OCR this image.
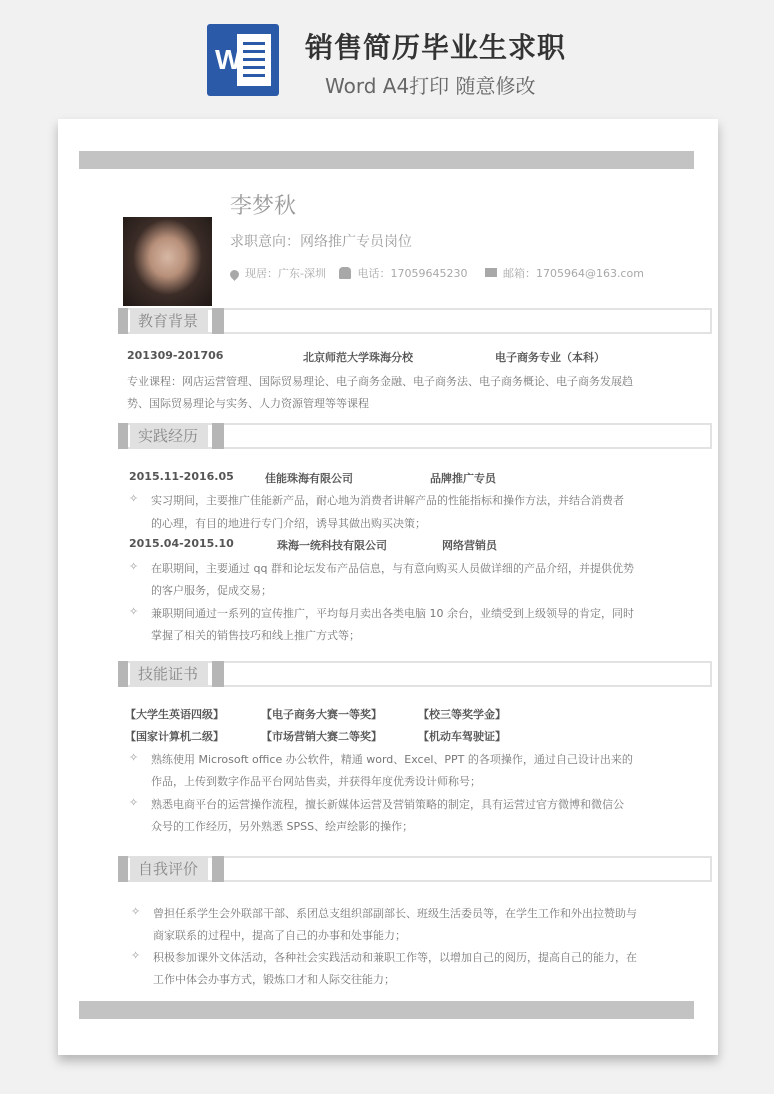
W 销售简历毕业生求职
Word A4打印 随意修改
李梦秋
求职意向：网络推广专员岗位
现居：广东-深圳	电话：17059645230	邮箱：1705964@163.com
教育背景
201309-201706	北京师范大学珠海分校	电子商务专业（本科）
专业课程：网店运营管理、国际贸易理论、电子商务金融、电子商务法、电子商务概论、电子商务发展趋
势、国际贸易理论与实务、人力资源管理等等课程
实践经历
2015.11-2016.05	佳能珠海有限公司	品牌推广专员
✧ 实习期间，主要推广佳能新产品，耐心地为消费者讲解产品的性能指标和操作方法，并结合消费者
的心理，有目的地进行专门介绍，诱导其做出购买决策；
2015.04-2015.10	珠海一统科技有限公司	网络营销员
✧ 在职期间，主要通过 qq 群和论坛发布产品信息，与有意向购买人员做详细的产品介绍，并提供优势
的客户服务，促成交易；
✧ 兼职期间通过一系列的宣传推广，平均每月卖出各类电脑 10 余台，业绩受到上级领导的肯定，同时
掌握了相关的销售技巧和线上推广方式等；
技能证书
【大学生英语四级】	【电子商务大赛一等奖】	【校三等奖学金】
【国家计算机二级】	【市场营销大赛二等奖】	【机动车驾驶证】
✧ 熟练使用 Microsoft office 办公软件，精通 word、Excel、PPT 的各项操作，通过自己设计出来的
作品，上传到数字作品平台网站售卖，并获得年度优秀设计师称号；
✧ 熟悉电商平台的运营操作流程，擅长新媒体运营及营销策略的制定，具有运营过官方微博和微信公
众号的工作经历，另外熟悉 SPSS、绘声绘影的操作；
自我评价
✧ 曾担任系学生会外联部干部、系团总支组织部副部长、班级生活委员等，在学生工作和外出拉赞助与
商家联系的过程中，提高了自己的办事和处事能力；
✧ 积极参加课外文体活动，各种社会实践活动和兼职工作等，以增加自己的阅历，提高自己的能力，在
工作中体会办事方式，锻炼口才和人际交往能力；
